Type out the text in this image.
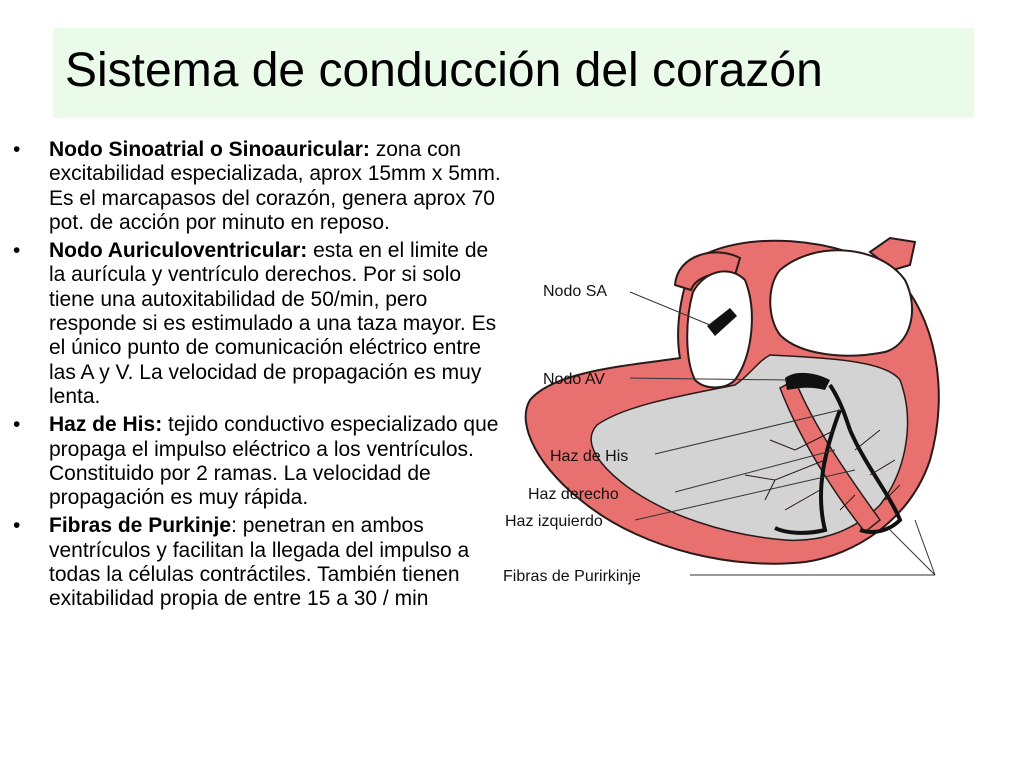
Sistema de conducción del corazón
• Nodo Sinoatrial o Sinoauricular: zona con excitabilidad especializada, aprox 15mm x 5mm. Es el marcapasos del corazón, genera aprox 70 pot. de acción por minuto en reposo.
• Nodo Auriculoventricular: esta en el limite de la aurícula y ventrículo derechos. Por si solo tiene una autoxitabilidad de 50/min, pero responde si es estimulado a una taza mayor. Es el único punto de comunicación eléctrico entre las A y V. La velocidad de propagación es muy lenta.
• Haz de His: tejido conductivo especializado que propaga el impulso eléctrico a los ventrículos. Constituido por 2 ramas. La velocidad de propagación es muy rápida.
• Fibras de Purkinje: penetran en ambos ventrículos y facilitan la llegada del impulso a todas la células contráctiles. También tienen exitabilidad propia de entre 15 a 30 / min
Nodo SA
Nodo AV
Haz de His
Haz derecho
Haz izquierdo
Fibras de Purirkinje
